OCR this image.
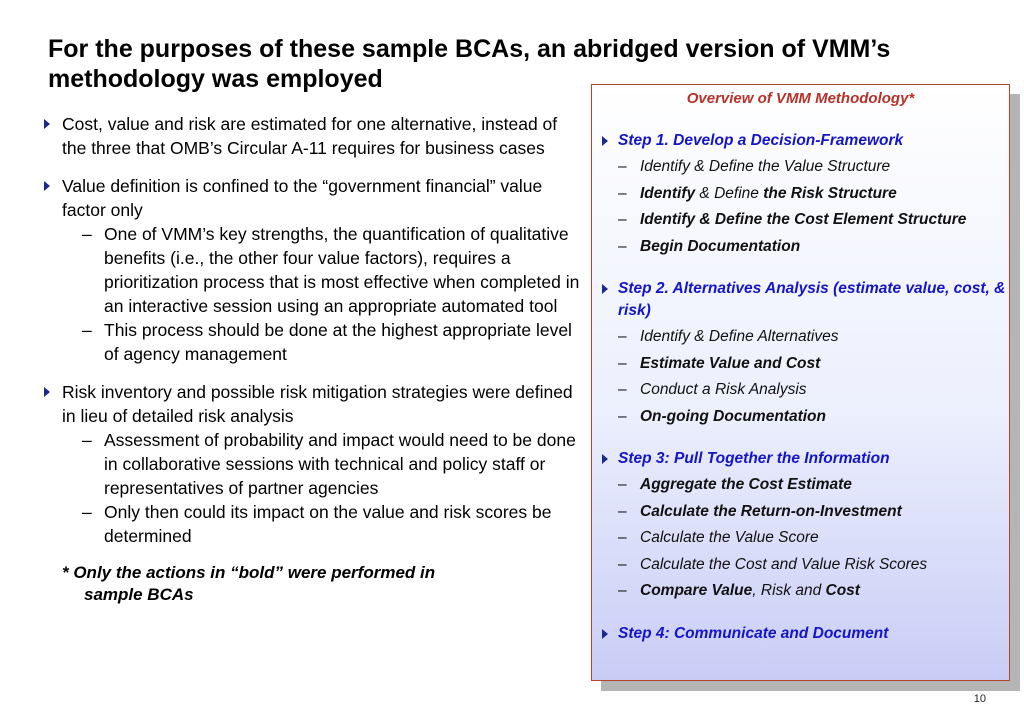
For the purposes of these sample BCAs, an abridged version of VMM’s methodology was employed
Cost, value and risk are estimated for one alternative, instead of the three that OMB’s Circular A-11 requires for business cases
Value definition is confined to the “government financial” value factor only
– One of VMM’s key strengths, the quantification of qualitative benefits (i.e., the other four value factors), requires a prioritization process that is most effective when completed in an interactive session using an appropriate automated tool
– This process should be done at the highest appropriate level of agency management
Risk inventory and possible risk mitigation strategies were defined in lieu of detailed risk analysis
– Assessment of probability and impact would need to be done in collaborative sessions with technical and policy staff or representatives of partner agencies
– Only then could its impact on the value and risk scores be determined
* Only the actions in “bold” were performed in
sample BCAs
Overview of VMM Methodology*
Step 1. Develop a Decision-Framework
– Identify & Define the Value Structure
– Identify & Define the Risk Structure
– Identify & Define the Cost Element Structure
– Begin Documentation
Step 2. Alternatives Analysis (estimate value, cost, & risk)
– Identify & Define Alternatives
– Estimate Value and Cost
– Conduct a Risk Analysis
– On-going Documentation
Step 3: Pull Together the Information
– Aggregate the Cost Estimate
– Calculate the Return-on-Investment
– Calculate the Value Score
– Calculate the Cost and Value Risk Scores
– Compare Value, Risk and Cost
Step 4: Communicate and Document
10
